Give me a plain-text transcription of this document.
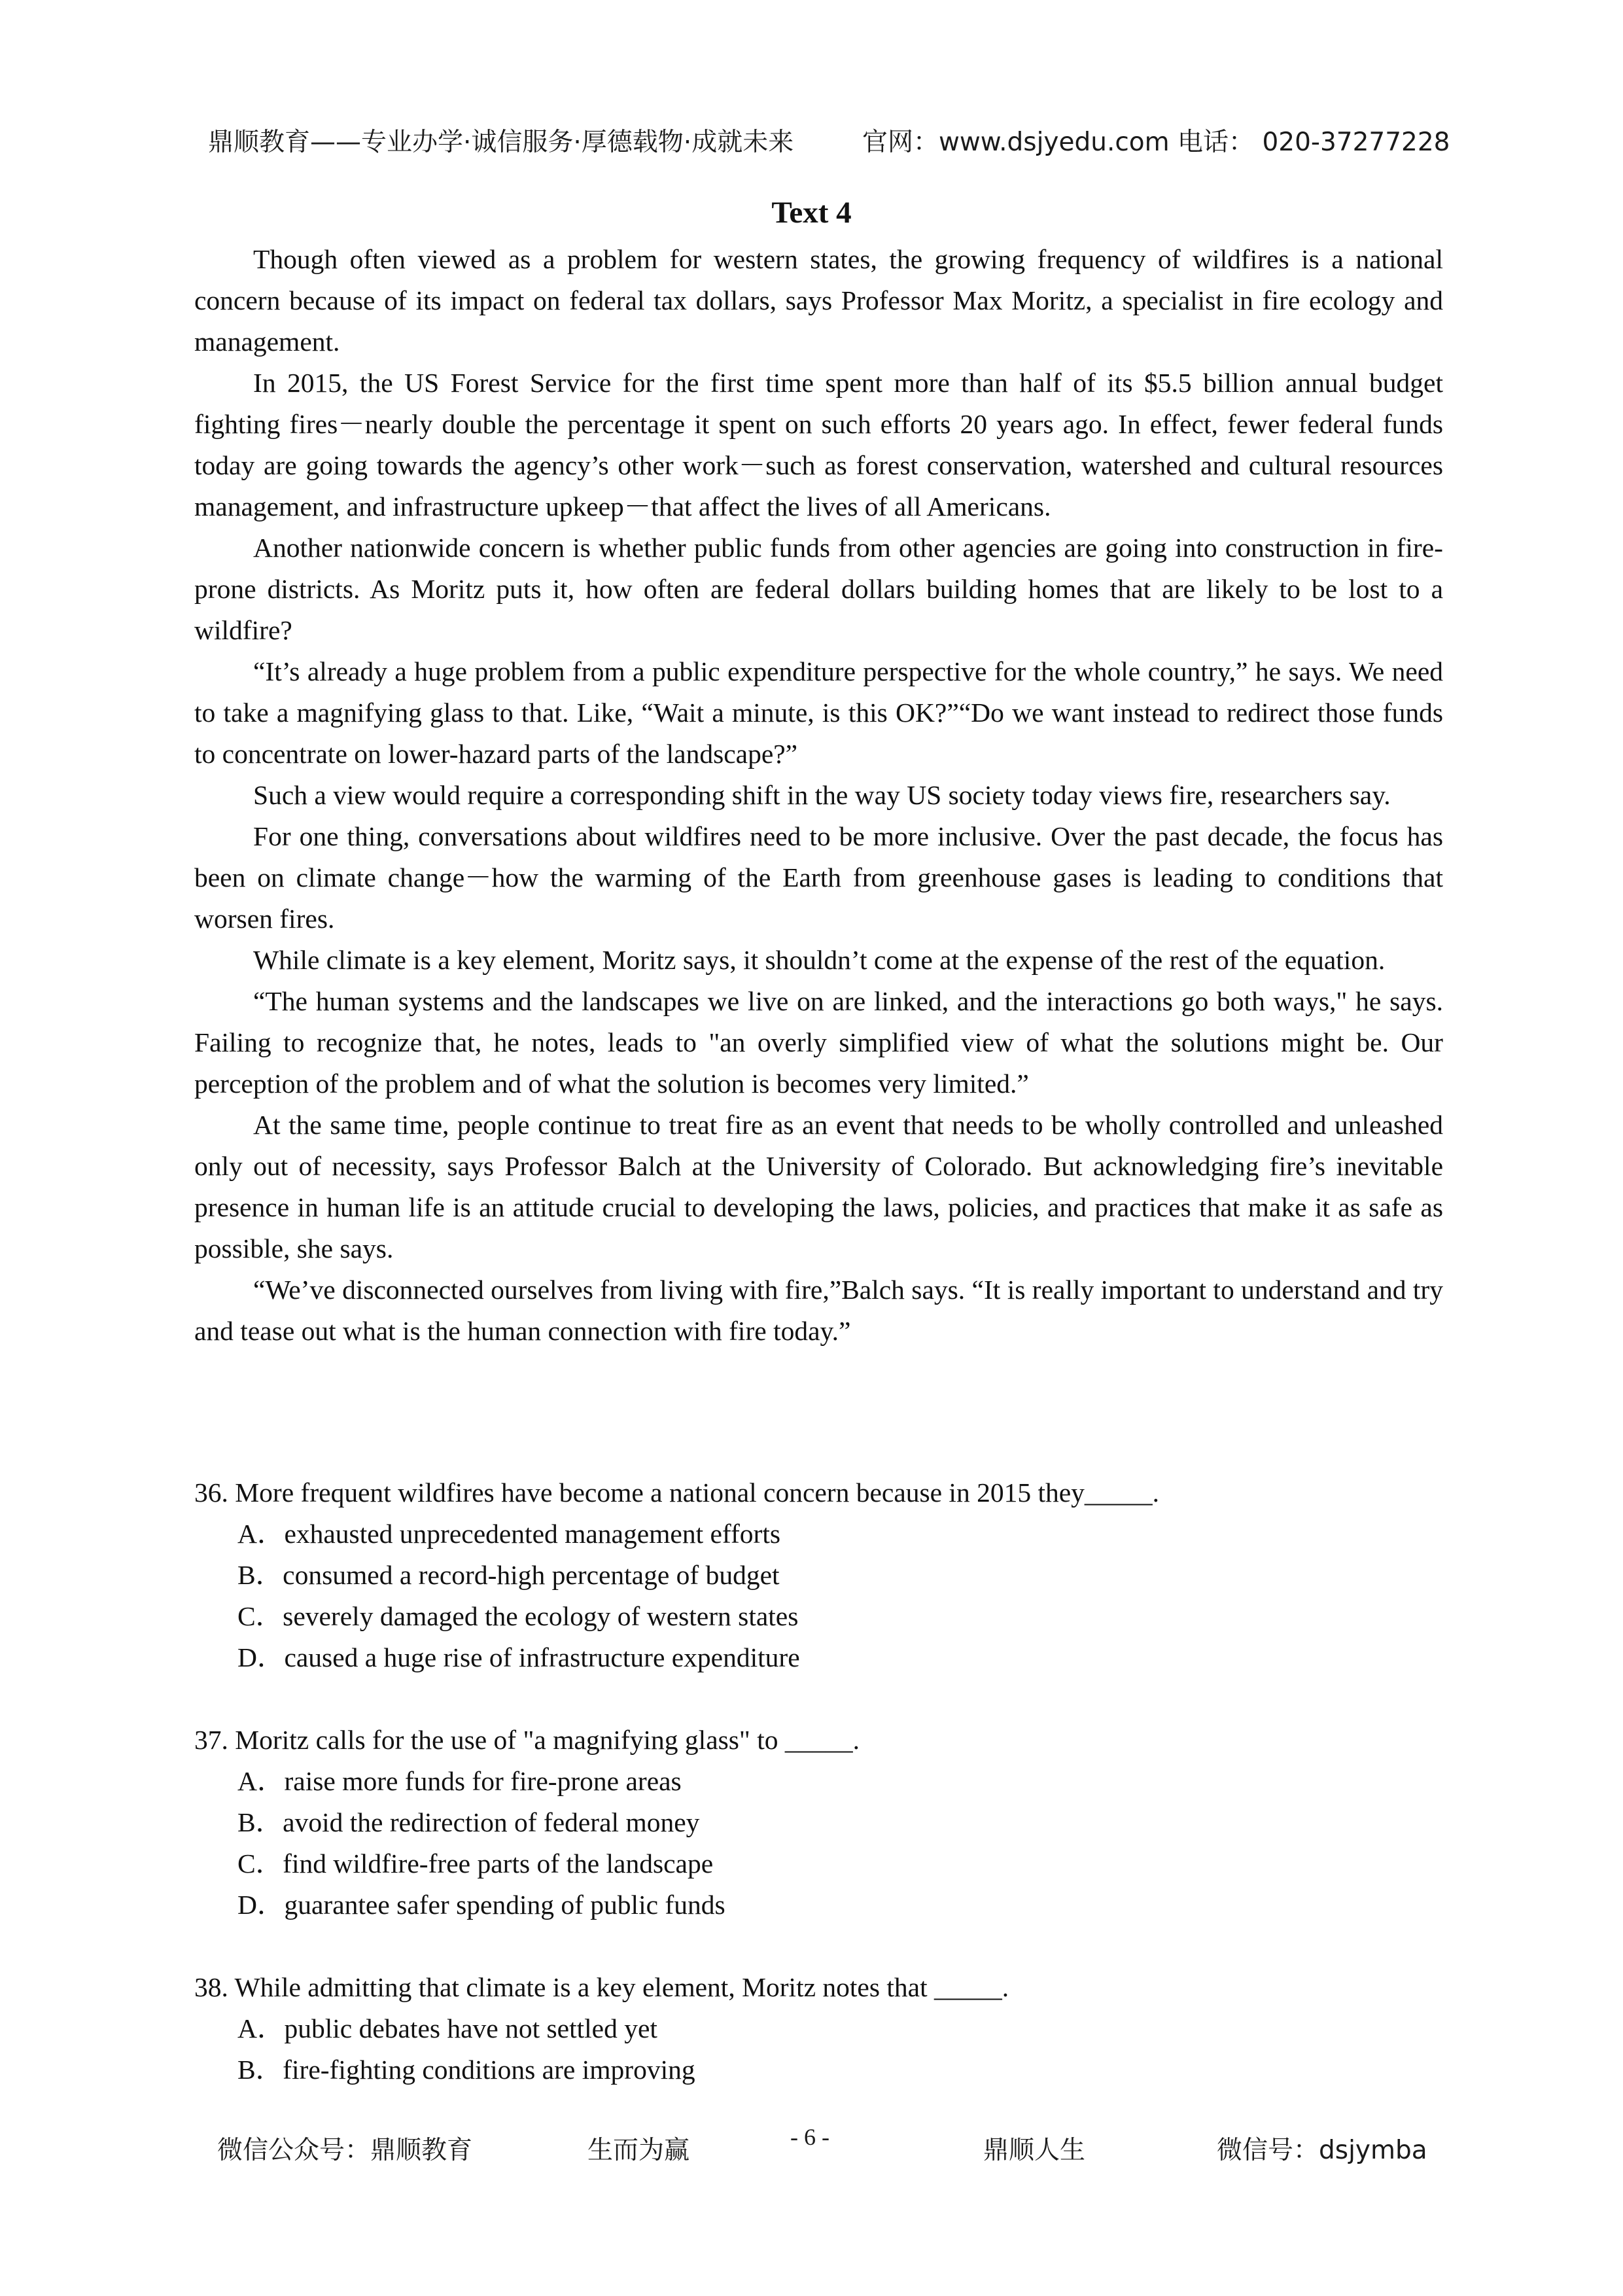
鼎顺教育——专业办学·诚信服务·厚德载物·成就未来	官网：www.dsjyedu.com 电话： 020-37277228
Text 4

Though often viewed as a problem for western states, the growing frequency of wildfires is a national concern because of its impact on federal tax dollars, says Professor Max Moritz, a specialist in fire ecology and management.

In 2015, the US Forest Service for the first time spent more than half of its $5.5 billion annual budget fighting fires－nearly double the percentage it spent on such efforts 20 years ago. In effect, fewer federal funds today are going towards the agency’s other work－such as forest conservation, watershed and cultural resources management, and infrastructure upkeep－that affect the lives of all Americans.

Another nationwide concern is whether public funds from other agencies are going into construction in fire-prone districts. As Moritz puts it, how often are federal dollars building homes that are likely to be lost to a wildfire?

“It’s already a huge problem from a public expenditure perspective for the whole country,” he says. We need to take a magnifying glass to that. Like, “Wait a minute, is this OK?”“Do we want instead to redirect those funds to concentrate on lower-hazard parts of the landscape?”

Such a view would require a corresponding shift in the way US society today views fire, researchers say.

For one thing, conversations about wildfires need to be more inclusive. Over the past decade, the focus has been on climate change－how the warming of the Earth from greenhouse gases is leading to conditions that worsen fires.

While climate is a key element, Moritz says, it shouldn’t come at the expense of the rest of the equation.

“The human systems and the landscapes we live on are linked, and the interactions go both ways," he says. Failing to recognize that, he notes, leads to "an overly simplified view of what the solutions might be. Our perception of the problem and of what the solution is becomes very limited.”

At the same time, people continue to treat fire as an event that needs to be wholly controlled and unleashed only out of necessity, says Professor Balch at the University of Colorado. But acknowledging fire’s inevitable presence in human life is an attitude crucial to developing the laws, policies, and practices that make it as safe as possible, she says.

“We’ve disconnected ourselves from living with fire,”Balch says. “It is really important to understand and try and tease out what is the human connection with fire today.”

36. More frequent wildfires have become a national concern because in 2015 they_____.

A．exhausted unprecedented management efforts

B．consumed a record-high percentage of budget

C．severely damaged the ecology of western states

D．caused a huge rise of infrastructure expenditure

37. Moritz calls for the use of "a magnifying glass" to _____.

A．raise more funds for fire-prone areas

B．avoid the redirection of federal money

C．find wildfire-free parts of the landscape

D．guarantee safer spending of public funds

38. While admitting that climate is a key element, Moritz notes that _____.

A．public debates have not settled yet

B．fire-fighting conditions are improving

微信公众号：鼎顺教育	生而为赢	- 6 -	鼎顺人生	微信号：dsjymba
